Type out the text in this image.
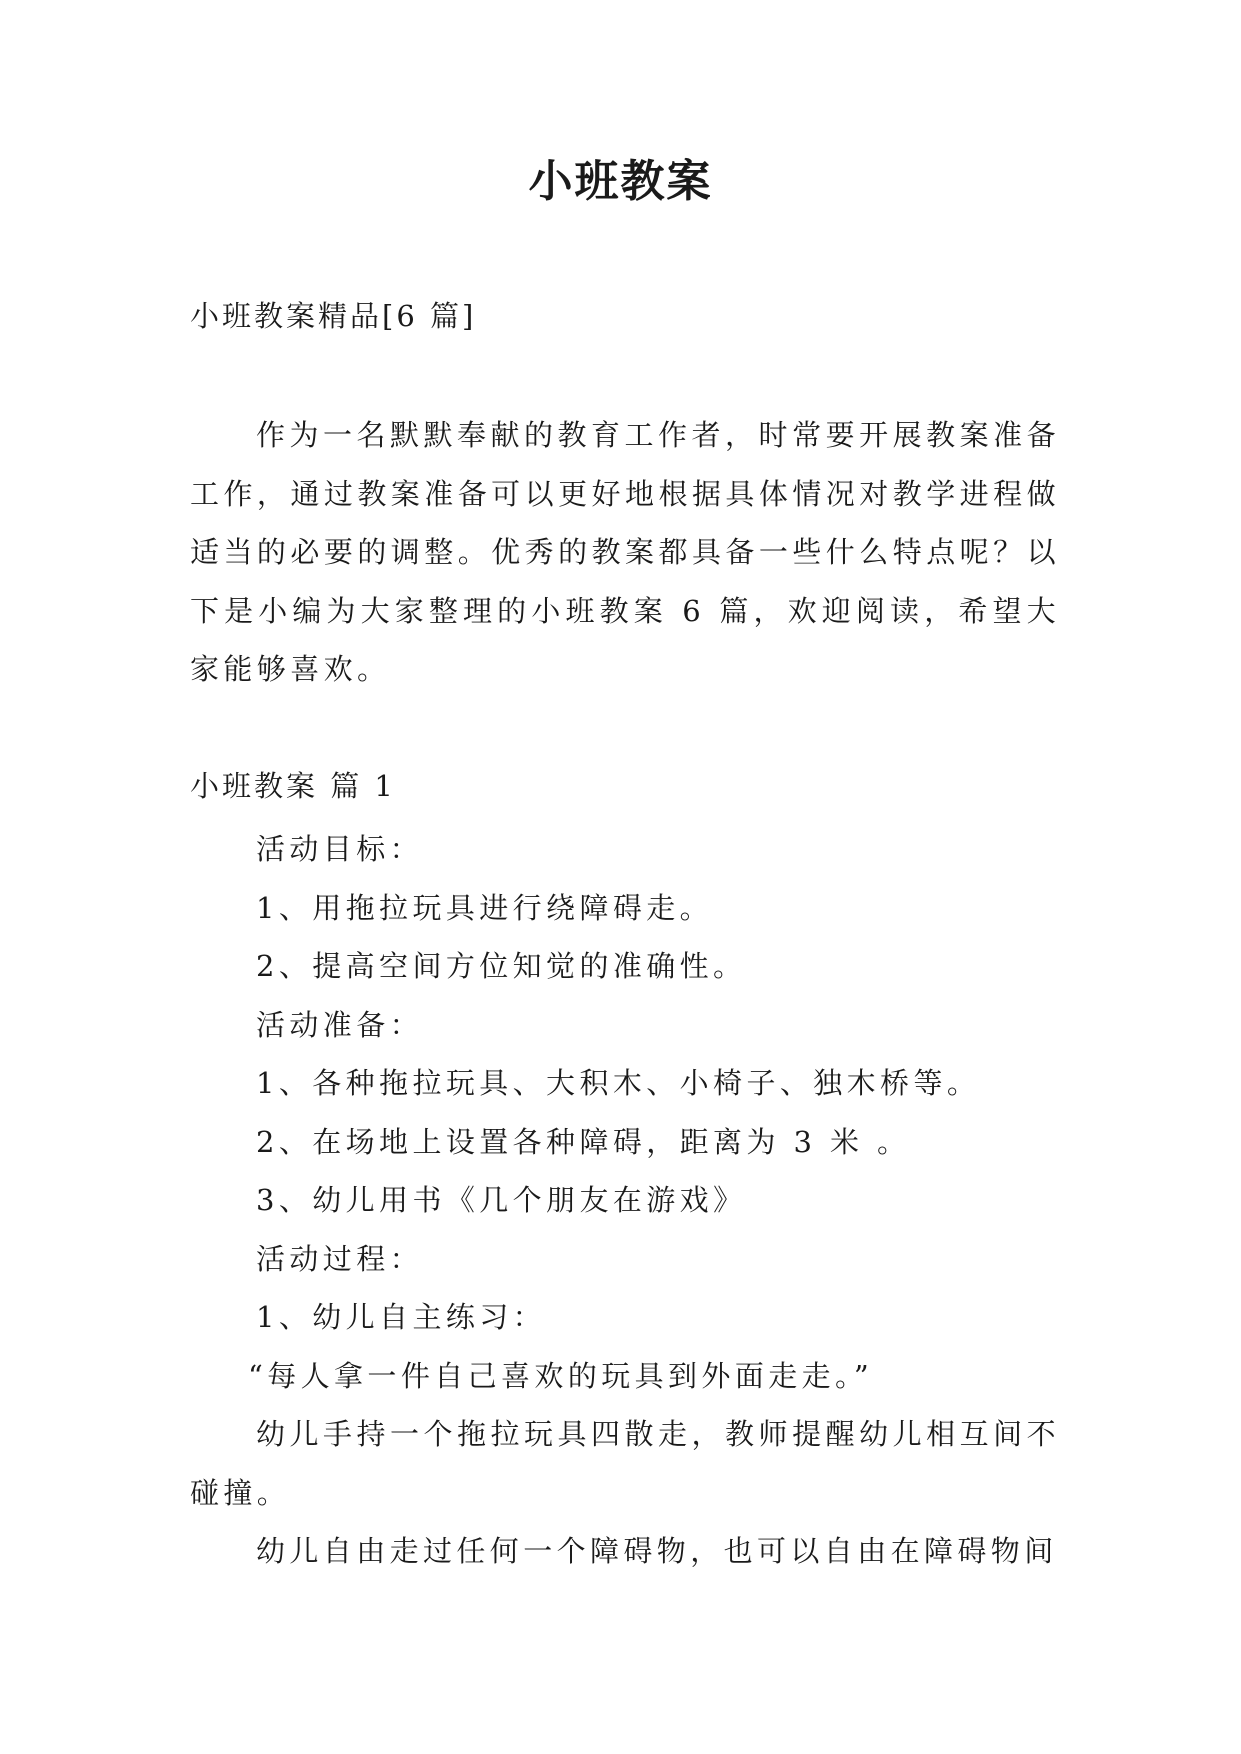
小班教案

小班教案精品[6 篇]

作为一名默默奉献的教育工作者，时常要开展教案准备工作，通过教案准备可以更好地根据具体情况对教学进程做适当的必要的调整。优秀的教案都具备一些什么特点呢？以下是小编为大家整理的小班教案 6 篇，欢迎阅读，希望大家能够喜欢。

小班教案 篇 1

活动目标：

1、用拖拉玩具进行绕障碍走。

2、提高空间方位知觉的准确性。

活动准备：

1、各种拖拉玩具、大积木、小椅子、独木桥等。

2、在场地上设置各种障碍，距离为 3 米 。

3、幼儿用书《几个朋友在游戏》

活动过程：

1、幼儿自主练习：

“每人拿一件自己喜欢的玩具到外面走走。”

幼儿手持一个拖拉玩具四散走，教师提醒幼儿相互间不碰撞。

幼儿自由走过任何一个障碍物，也可以自由在障碍物间
